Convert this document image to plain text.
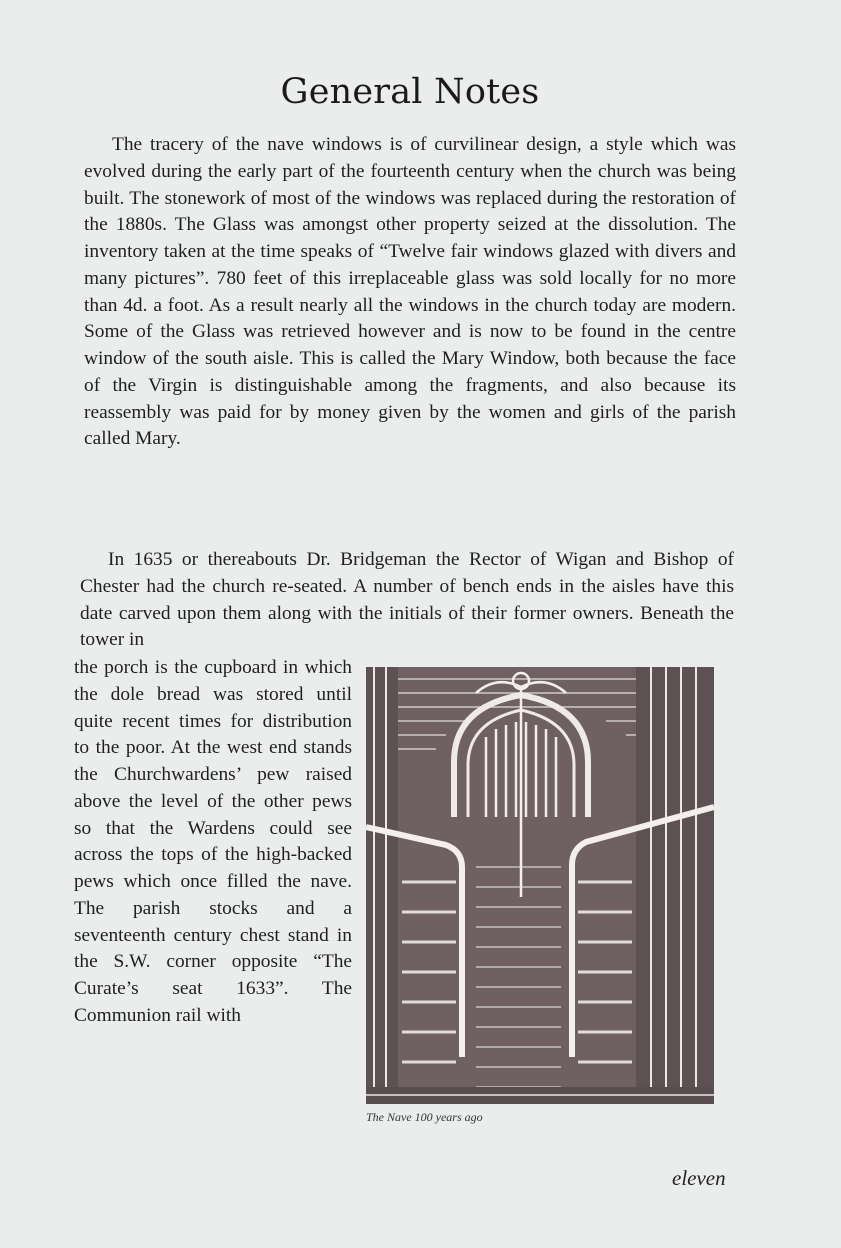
General Notes

The tracery of the nave windows is of curvilinear design, a style which was evolved during the early part of the fourteenth century when the church was being built. The stonework of most of the windows was replaced during the restoration of the 1880s. The Glass was amongst other property seized at the dissolution. The inventory taken at the time speaks of “Twelve fair windows glazed with divers and many pictures”. 780 feet of this irreplaceable glass was sold locally for no more than 4d. a foot. As a result nearly all the windows in the church today are modern. Some of the Glass was retrieved however and is now to be found in the centre window of the south aisle. This is called the Mary Window, both because the face of the Virgin is distinguishable among the fragments, and also because its reassembly was paid for by money given by the women and girls of the parish called Mary.

In 1635 or thereabouts Dr. Bridgeman the Rector of Wigan and Bishop of Chester had the church re-seated. A number of bench ends in the aisles have this date carved upon them along with the initials of their former owners. Beneath the tower in

the porch is the cupboard in which the dole bread was stored until quite recent times for distribution to the poor. At the west end stands the Churchwardens’ pew raised above the level of the other pews so that the Wardens could see across the tops of the high-backed pews which once filled the nave. The parish stocks and a seventeenth century chest stand in the S.W. corner opposite “The Curate’s seat 1633”. The Communion rail with

The Nave 100 years ago
eleven
